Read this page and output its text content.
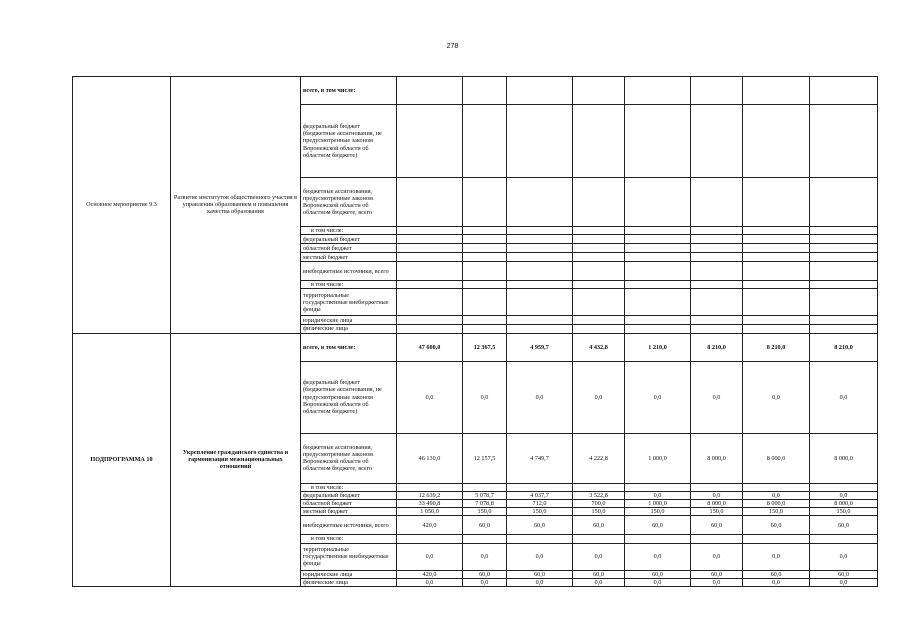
278
Основное мероприятие 9.3	Развитие институтов общественного участия в управлении образованием и повышения качества образования	всего, в том числе:								
		федеральный бюджет (бюджетные ассигнования, не предусмотренные законом Воронежской области об областном бюджете)								
		бюджетные ассигнования, предусмотренные законом Воронежской области об областном бюджете, всего								
		в том числе:								
		федеральный бюджет								
		областной бюджет								
		местный бюджет								
		внебюджетные источники, всего								
		в том числе:								
		территориальные государственные внебюджетные фонды								
		юридические лица								
		физические лица								
ПОДПРОГРАММА 10	Укрепление гражданского единства и гармонизация межнациональных отношений	всего, в том числе:	47 600,0	12 367,5	4 959,7	4 432,8	1 210,0	8 210,0	8 210,0	8 210,0
		федеральный бюджет (бюджетные ассигнования, не предусмотренные законом Воронежской области об областном бюджете)	0,0	0,0	0,0	0,0	0,0	0,0	0,0	0,0
		бюджетные ассигнования, предусмотренные законом Воронежской области об областном бюджете, всего	46 130,0	12 157,5	4 749,7	4 222,8	1 000,0	8 000,0	8 000,0	8 000,0
		в том числе:								
		федеральный бюджет	12 639,2	5 078,7	4 037,7	3 522,8	0,0	0,0	0,0	0,0
		областной бюджет	33 490,8	7 078,8	712,0	700,0	1 000,0	8 000,0	8 000,0	8 000,0
		местный бюджет	1 050,0	150,0	150,0	150,0	150,0	150,0	150,0	150,0
		внебюджетные источники, всего	420,0	60,0	60,0	60,0	60,0	60,0	60,0	60,0
		в том числе:								
		территориальные государственные внебюджетные фонды	0,0	0,0	0,0	0,0	0,0	0,0	0,0	0,0
		юридические лица	420,0	60,0	60,0	60,0	60,0	60,0	60,0	60,0
		физические лица	0,0	0,0	0,0	0,0	0,0	0,0	0,0	0,0
